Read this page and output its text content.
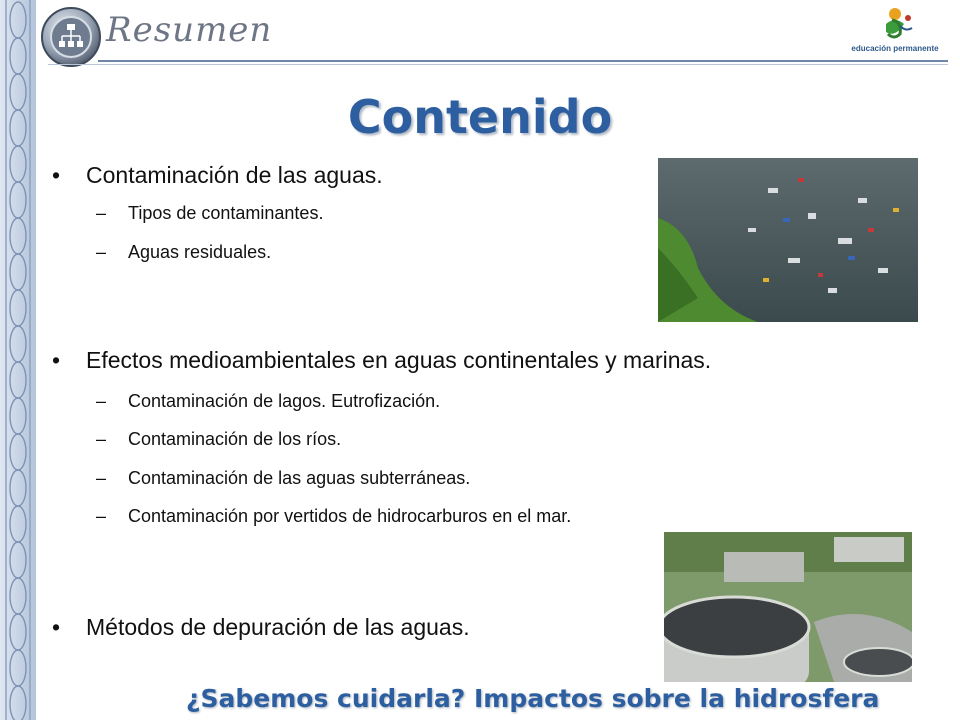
Resumen	educación permanente
Contenido
• Contaminación de las aguas.
– Tipos de contaminantes.
– Aguas residuales.
• Efectos medioambientales en aguas continentales y marinas.
– Contaminación de lagos. Eutrofización.
– Contaminación de los ríos.
– Contaminación de las aguas subterráneas.
– Contaminación por vertidos de hidrocarburos en el mar.
• Métodos de depuración de las aguas.
¿Sabemos cuidarla? Impactos sobre la hidrosfera
